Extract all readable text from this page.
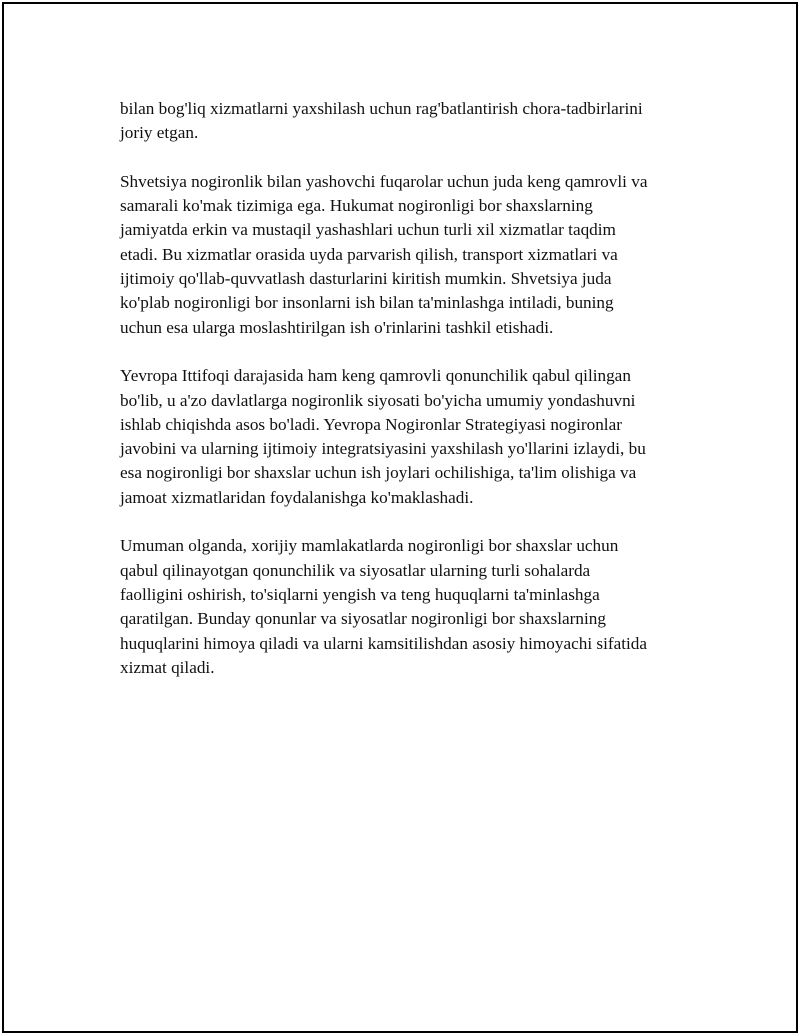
bilan bog'liq xizmatlarni yaxshilash uchun rag'batlantirish chora-tadbirlarini
joriy etgan.

Shvetsiya nogironlik bilan yashovchi fuqarolar uchun juda keng qamrovli va
samarali ko'mak tizimiga ega. Hukumat nogironligi bor shaxslarning
jamiyatda erkin va mustaqil yashashlari uchun turli xil xizmatlar taqdim
etadi. Bu xizmatlar orasida uyda parvarish qilish, transport xizmatlari va
ijtimoiy qo'llab-quvvatlash dasturlarini kiritish mumkin. Shvetsiya juda
ko'plab nogironligi bor insonlarni ish bilan ta'minlashga intiladi, buning
uchun esa ularga moslashtirilgan ish o'rinlarini tashkil etishadi.

Yevropa Ittifoqi darajasida ham keng qamrovli qonunchilik qabul qilingan
bo'lib, u a'zo davlatlarga nogironlik siyosati bo'yicha umumiy yondashuvni
ishlab chiqishda asos bo'ladi. Yevropa Nogironlar Strategiyasi nogironlar
javobini va ularning ijtimoiy integratsiyasini yaxshilash yo'llarini izlaydi, bu
esa nogironligi bor shaxslar uchun ish joylari ochilishiga, ta'lim olishiga va
jamoat xizmatlaridan foydalanishga ko'maklashadi.

Umuman olganda, xorijiy mamlakatlarda nogironligi bor shaxslar uchun
qabul qilinayotgan qonunchilik va siyosatlar ularning turli sohalarda
faolligini oshirish, to'siqlarni yengish va teng huquqlarni ta'minlashga
qaratilgan. Bunday qonunlar va siyosatlar nogironligi bor shaxslarning
huquqlarini himoya qiladi va ularni kamsitilishdan asosiy himoyachi sifatida
xizmat qiladi.
